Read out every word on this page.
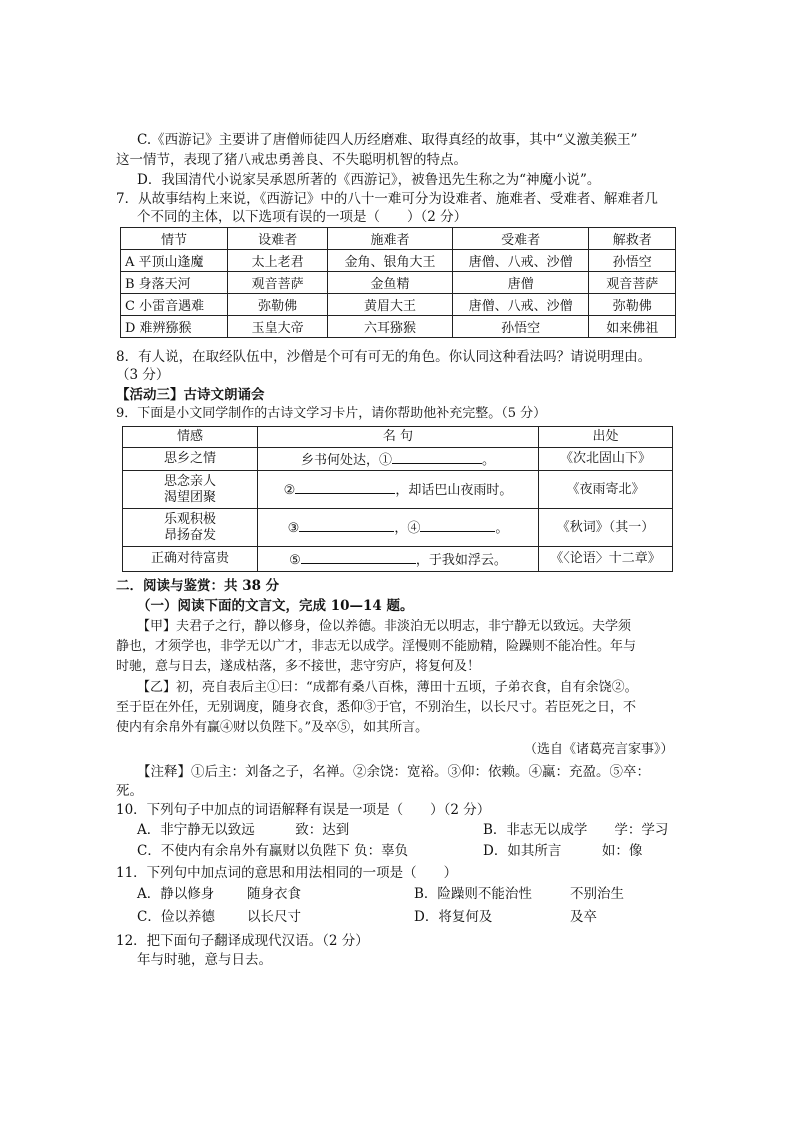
C.《西游记》主要讲了唐僧师徒四人历经磨难、取得真经的故事，其中“义激美猴王”
这一情节，表现了猪八戒忠勇善良、不失聪明机智的特点。
D．我国清代小说家吴承恩所著的《西游记》，被鲁迅先生称之为“神魔小说”。
7．从故事结构上来说，《西游记》中的八十一难可分为设难者、施难者、受难者、解难者几
个不同的主体，以下选项有误的一项是（　　）（2 分）
情节	设难者	施难者	受难者	解救者
A 平顶山逢魔	太上老君	金角、银角大王	唐僧、八戒、沙僧	孙悟空
B 身落天河	观音菩萨	金鱼精	唐僧	观音菩萨
C 小雷音遇难	弥勒佛	黄眉大王	唐僧、八戒、沙僧	弥勒佛
D 难辨猕猴	玉皇大帝	六耳猕猴	孙悟空	如来佛祖
8．有人说，在取经队伍中，沙僧是个可有可无的角色。你认同这种看法吗？请说明理由。
（3 分）
【活动三】古诗文朗诵会
9．下面是小文同学制作的古诗文学习卡片，请你帮助他补充完整。（5 分）
情感	名 句	出处
思乡之情	乡书何处达，① 。	《次北固山下》

思念亲人
渴望团聚	② ，却话巴山夜雨时。	《夜雨寄北》

乐观积极
昂扬奋发	③ ，④ 。	《秋词》（其一）
正确对待富贵	⑤ ，于我如浮云。	《〈论语〉十二章》
二．阅读与鉴赏：共 38 分
（一）阅读下面的文言文，完成 10—14 题。
【甲】夫君子之行，静以修身，俭以养德。非淡泊无以明志，非宁静无以致远。夫学须
静也，才须学也，非学无以广才，非志无以成学。淫慢则不能励精，险躁则不能冶性。年与
时驰，意与日去，遂成枯落，多不接世，悲守穷庐，将复何及！
【乙】初，亮自表后主①曰：“成都有桑八百株，薄田十五顷，子弟衣食，自有余饶②。
至于臣在外任，无别调度，随身衣食，悉仰③于官，不别治生，以长尺寸。若臣死之日，不
使内有余帛外有赢④财以负陛下。”及卒⑤，如其所言。
（选自《诸葛亮言家事》）
【注释】①后主：刘备之子，名禅。②余饶：宽裕。③仰：依赖。④赢：充盈。⑤卒：
死。
10．下列句子中加点的词语解释有误是一项是（　　）（2 分）
A．非宁静无以致远　　　致：达到	B．非志无以成学　　学：学习
C．不使内有余帛外有赢财以负陛下 负：辜负	D．如其所言　　　如：像
11．下列句中加点词的意思和用法相同的一项是（　　）
A．静以修身 随身衣食	B．险躁则不能治性	不别治生
C．俭以养德 以长尺寸	D．将复何及	及卒
12．把下面句子翻译成现代汉语。（2 分）
年与时驰，意与日去。
